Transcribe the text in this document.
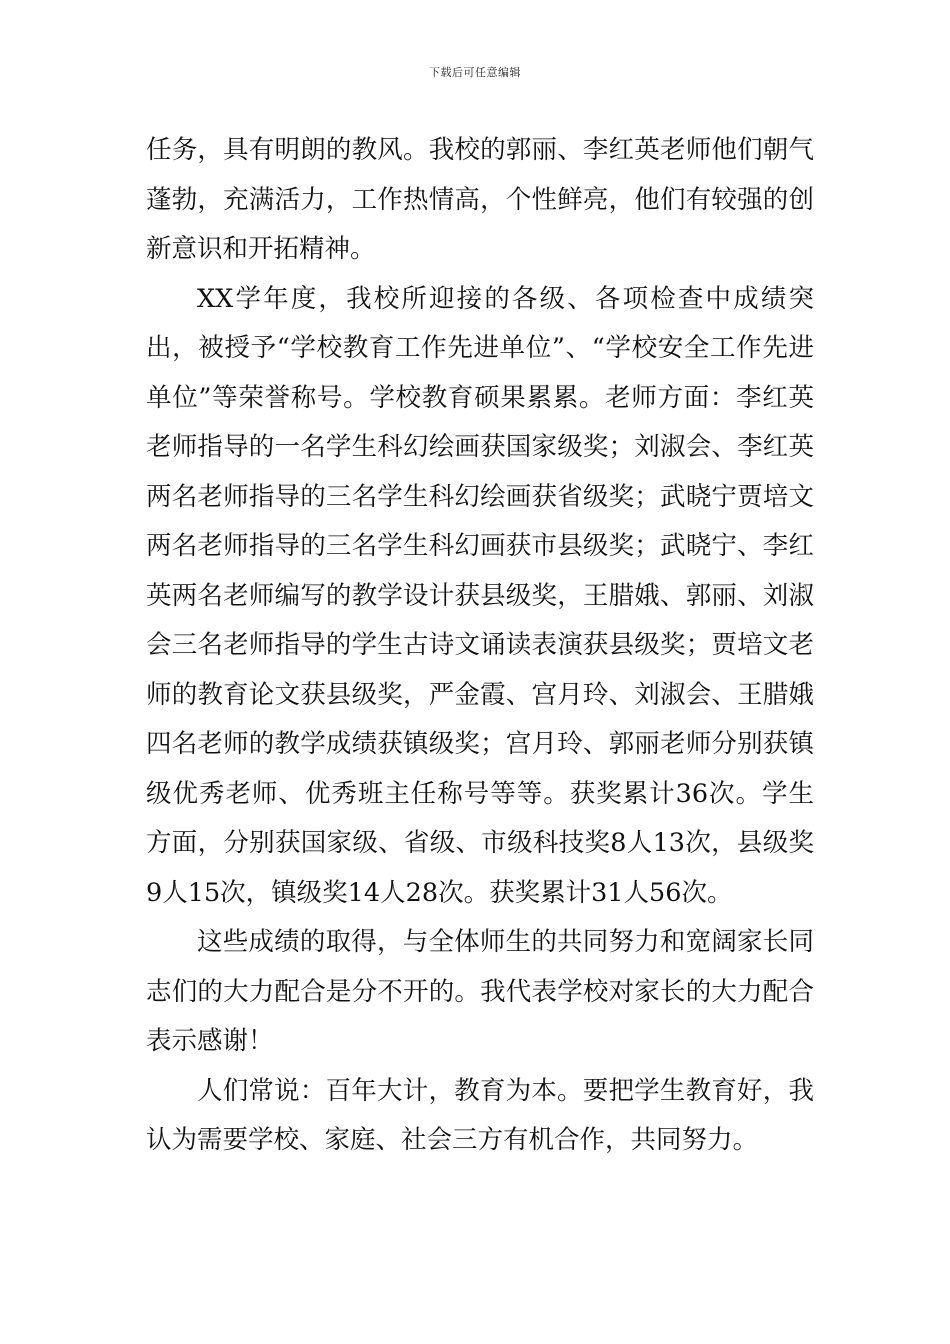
下载后可任意编辑

任务，具有明朗的教风。我校的郭丽、李红英老师他们朝气蓬勃，充满活力，工作热情高，个性鲜亮，他们有较强的创新意识和开拓精神。

XX学年度，我校所迎接的各级、各项检查中成绩突出，被授予“学校教育工作先进单位”、“学校安全工作先进单位”等荣誉称号。学校教育硕果累累。老师方面：李红英老师指导的一名学生科幻绘画获国家级奖；刘淑会、李红英两名老师指导的三名学生科幻绘画获省级奖；武晓宁贾培文两名老师指导的三名学生科幻画获市县级奖；武晓宁、李红英两名老师编写的教学设计获县级奖，王腊娥、郭丽、刘淑会三名老师指导的学生古诗文诵读表演获县级奖；贾培文老师的教育论文获县级奖，严金霞、宫月玲、刘淑会、王腊娥四名老师的教学成绩获镇级奖；宫月玲、郭丽老师分别获镇级优秀老师、优秀班主任称号等等。获奖累计36次。学生方面，分别获国家级、省级、市级科技奖8人13次，县级奖9人15次，镇级奖14人28次。获奖累计31人56次。

这些成绩的取得，与全体师生的共同努力和宽阔家长同志们的大力配合是分不开的。我代表学校对家长的大力配合表示感谢！

人们常说：百年大计，教育为本。要把学生教育好，我认为需要学校、家庭、社会三方有机合作，共同努力。
